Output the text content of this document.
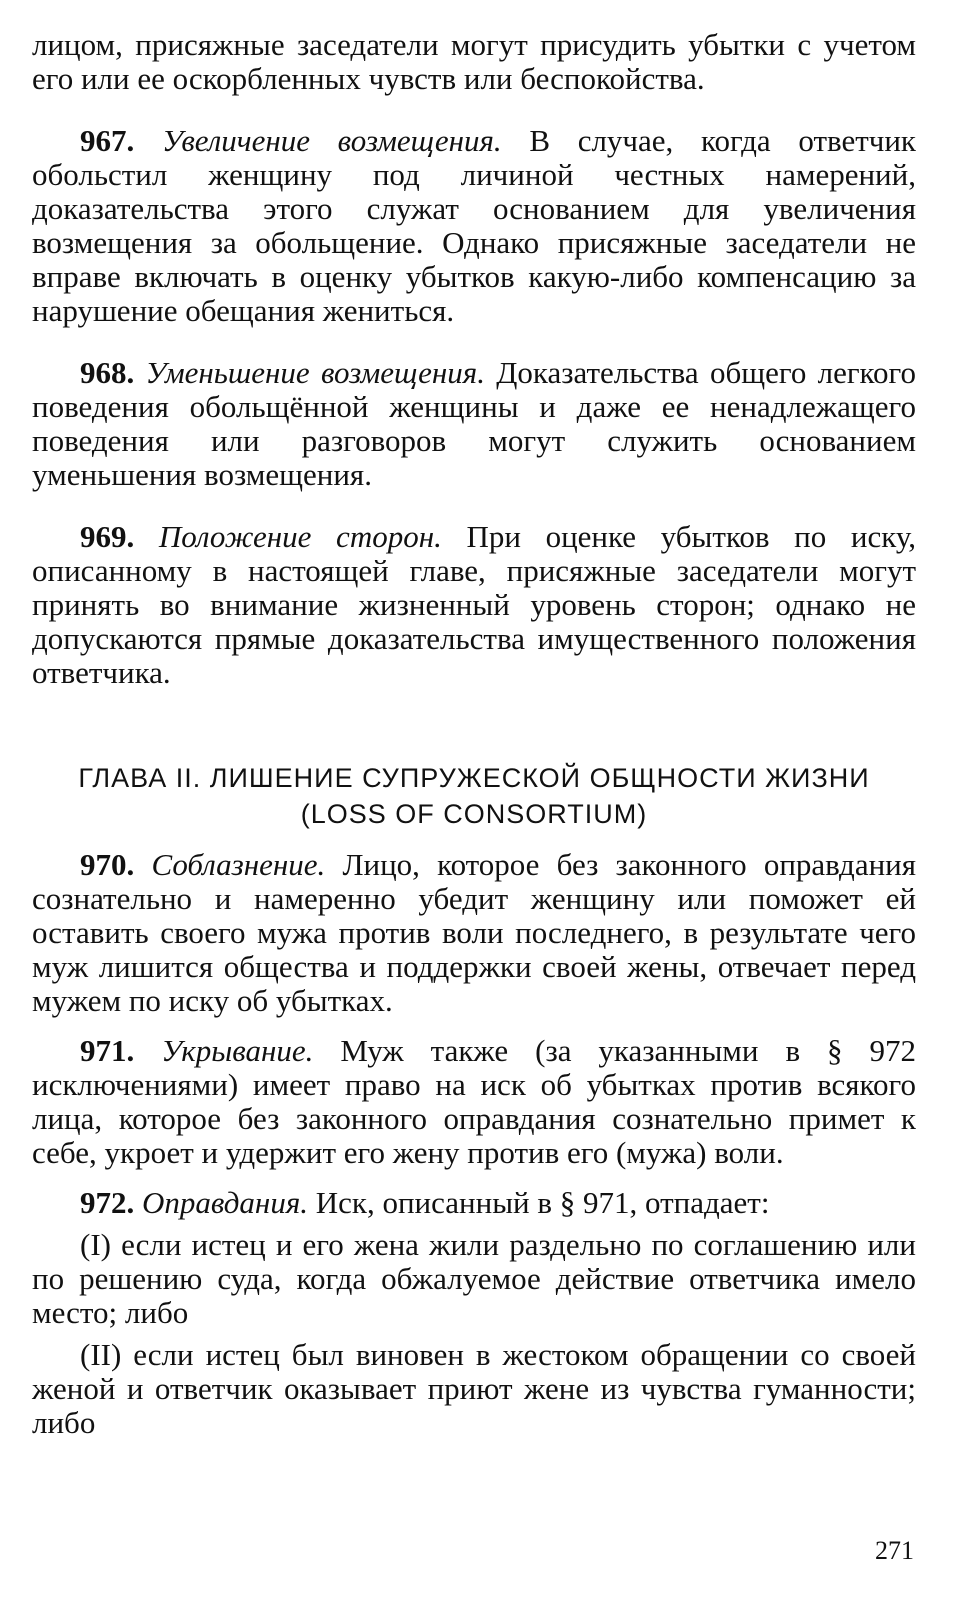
лицом, присяжные заседатели могут присудить убытки с учетом его или ее оскорбленных чувств или беспокойства.

967. Увеличение возмещения. В случае, когда ответчик обольстил женщину под личиной честных намерений, доказательства этого служат основанием для увеличения возмещения за обольщение. Однако присяжные заседатели не вправе включать в оценку убытков какую-либо компенсацию за нарушение обещания жениться.

968. Уменьшение возмещения. Доказательства общего легкого поведения обольщённой женщины и даже ее ненадлежащего поведения или разговоров могут служить основанием уменьшения возмещения.

969. Положение сторон. При оценке убытков по иску, описанному в настоящей главе, присяжные заседатели могут принять во внимание жизненный уровень сторон; однако не допускаются прямые доказательства имущественного положения ответчика.

ГЛАВА II. ЛИШЕНИЕ СУПРУЖЕСКОЙ ОБЩНОСТИ ЖИЗНИ

(LOSS OF CONSORTIUM)

970. Соблазнение. Лицо, которое без законного оправдания сознательно и намеренно убедит женщину или поможет ей оставить своего мужа против воли последнего, в результате чего муж лишится общества и поддержки своей жены, отвечает перед мужем по иску об убытках.

971. Укрывание. Муж также (за указанными в § 972 исключениями) имеет право на иск об убытках против всякого лица, которое без законного оправдания сознательно примет к себе, укроет и удержит его жену против его (мужа) воли.

972. Оправдания. Иск, описанный в § 971, отпадает:

(I) если истец и его жена жили раздельно по соглашению или по решению суда, когда обжалуемое действие ответчика имело место; либо

(II) если истец был виновен в жестоком обращении со своей женой и ответчик оказывает приют жене из чувства гуманности; либо

271
